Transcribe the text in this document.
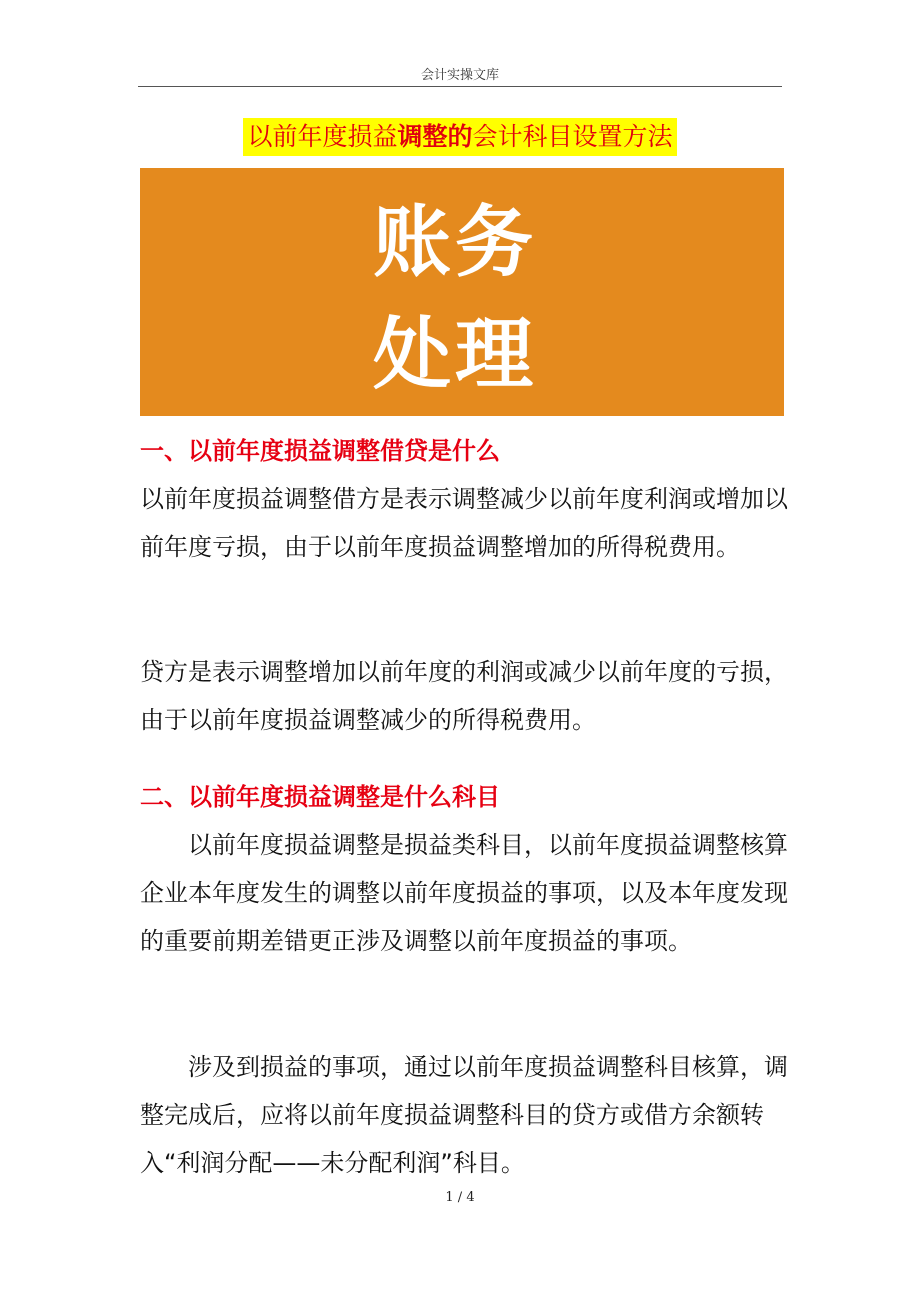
会计实操文库
以前年度损益调整的会计科目设置方法
账务
处理
一、以前年度损益调整借贷是什么
以前年度损益调整借方是表示调整减少以前年度利润或增加以前年度亏损，由于以前年度损益调整增加的所得税费用。
贷方是表示调整增加以前年度的利润或减少以前年度的亏损，由于以前年度损益调整减少的所得税费用。
二、以前年度损益调整是什么科目
以前年度损益调整是损益类科目，以前年度损益调整核算企业本年度发生的调整以前年度损益的事项，以及本年度发现的重要前期差错更正涉及调整以前年度损益的事项。
涉及到损益的事项，通过以前年度损益调整科目核算，调整完成后，应将以前年度损益调整科目的贷方或借方余额转入“利润分配——未分配利润”科目。
1 / 4
